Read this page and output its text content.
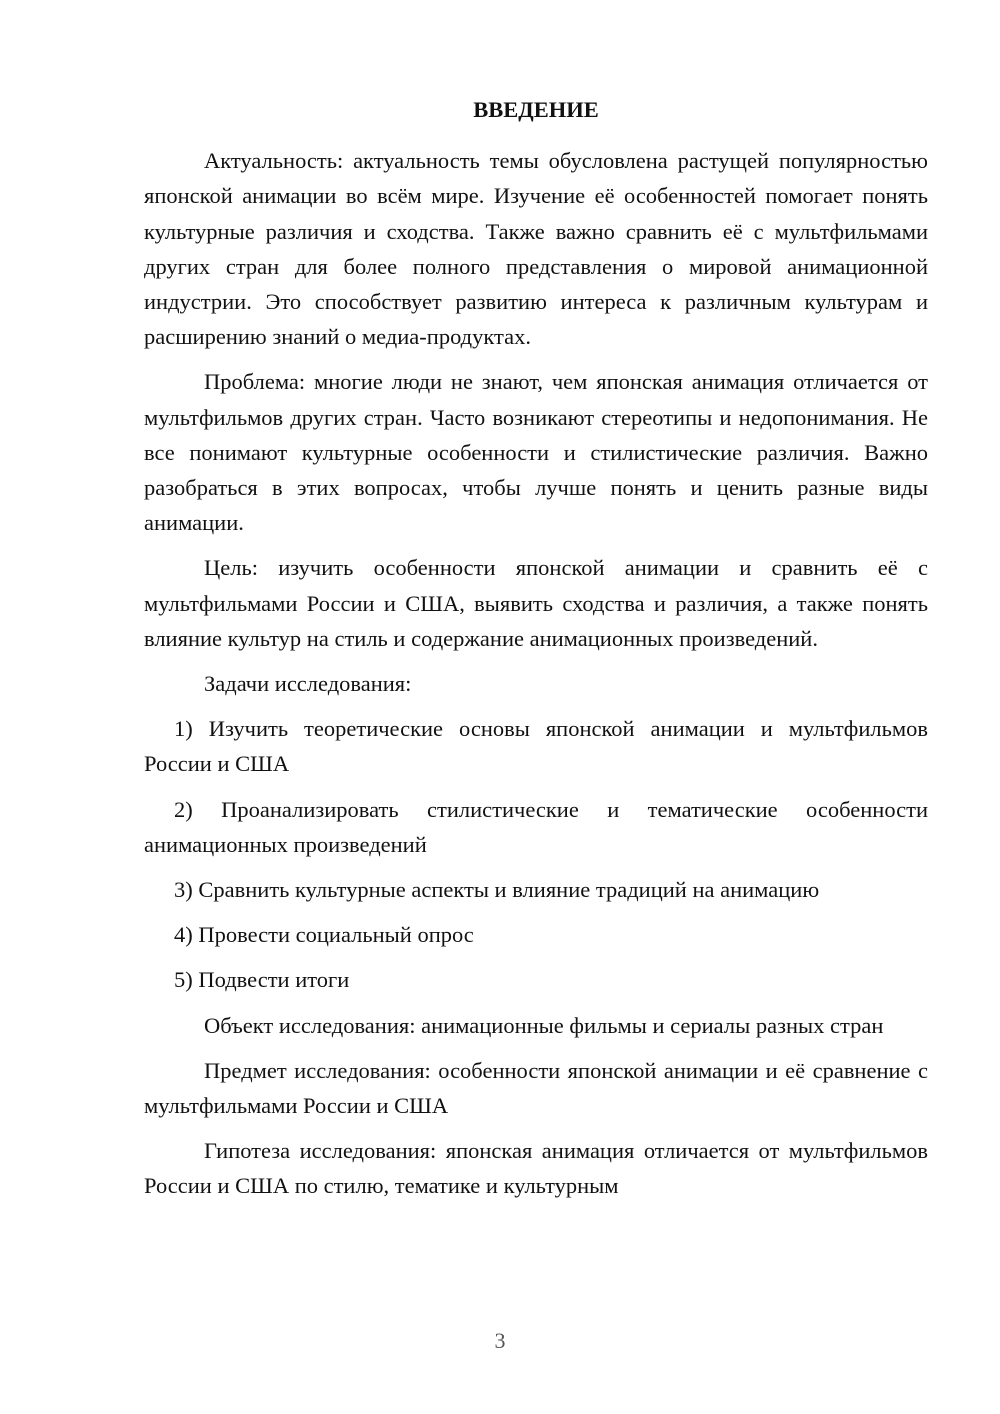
ВВЕДЕНИЕ

Актуальность: актуальность темы обусловлена растущей популярностью японской анимации во всём мире. Изучение её особенностей помогает понять культурные различия и сходства. Также важно сравнить её с мультфильмами других стран для более полного представления о мировой анимационной индустрии. Это способствует развитию интереса к различным культурам и расширению знаний о медиа-продуктах.

Проблема: многие люди не знают, чем японская анимация отличается от мультфильмов других стран. Часто возникают стереотипы и недопонимания. Не все понимают культурные особенности и стилистические различия. Важно разобраться в этих вопросах, чтобы лучше понять и ценить разные виды анимации.

Цель: изучить особенности японской анимации и сравнить её с мультфильмами России и США, выявить сходства и различия, а также понять влияние культур на стиль и содержание анимационных произведений.

Задачи исследования:

1) Изучить теоретические основы японской анимации и мультфильмов России и США

2) Проанализировать стилистические и тематические особенности анимационных произведений

3) Сравнить культурные аспекты и влияние традиций на анимацию

4) Провести социальный опрос

5) Подвести итоги

Объект исследования: анимационные фильмы и сериалы разных стран

Предмет исследования: особенности японской анимации и её сравнение с мультфильмами России и США

Гипотеза исследования: японская анимация отличается от мультфильмов России и США по стилю, тематике и культурным

3
